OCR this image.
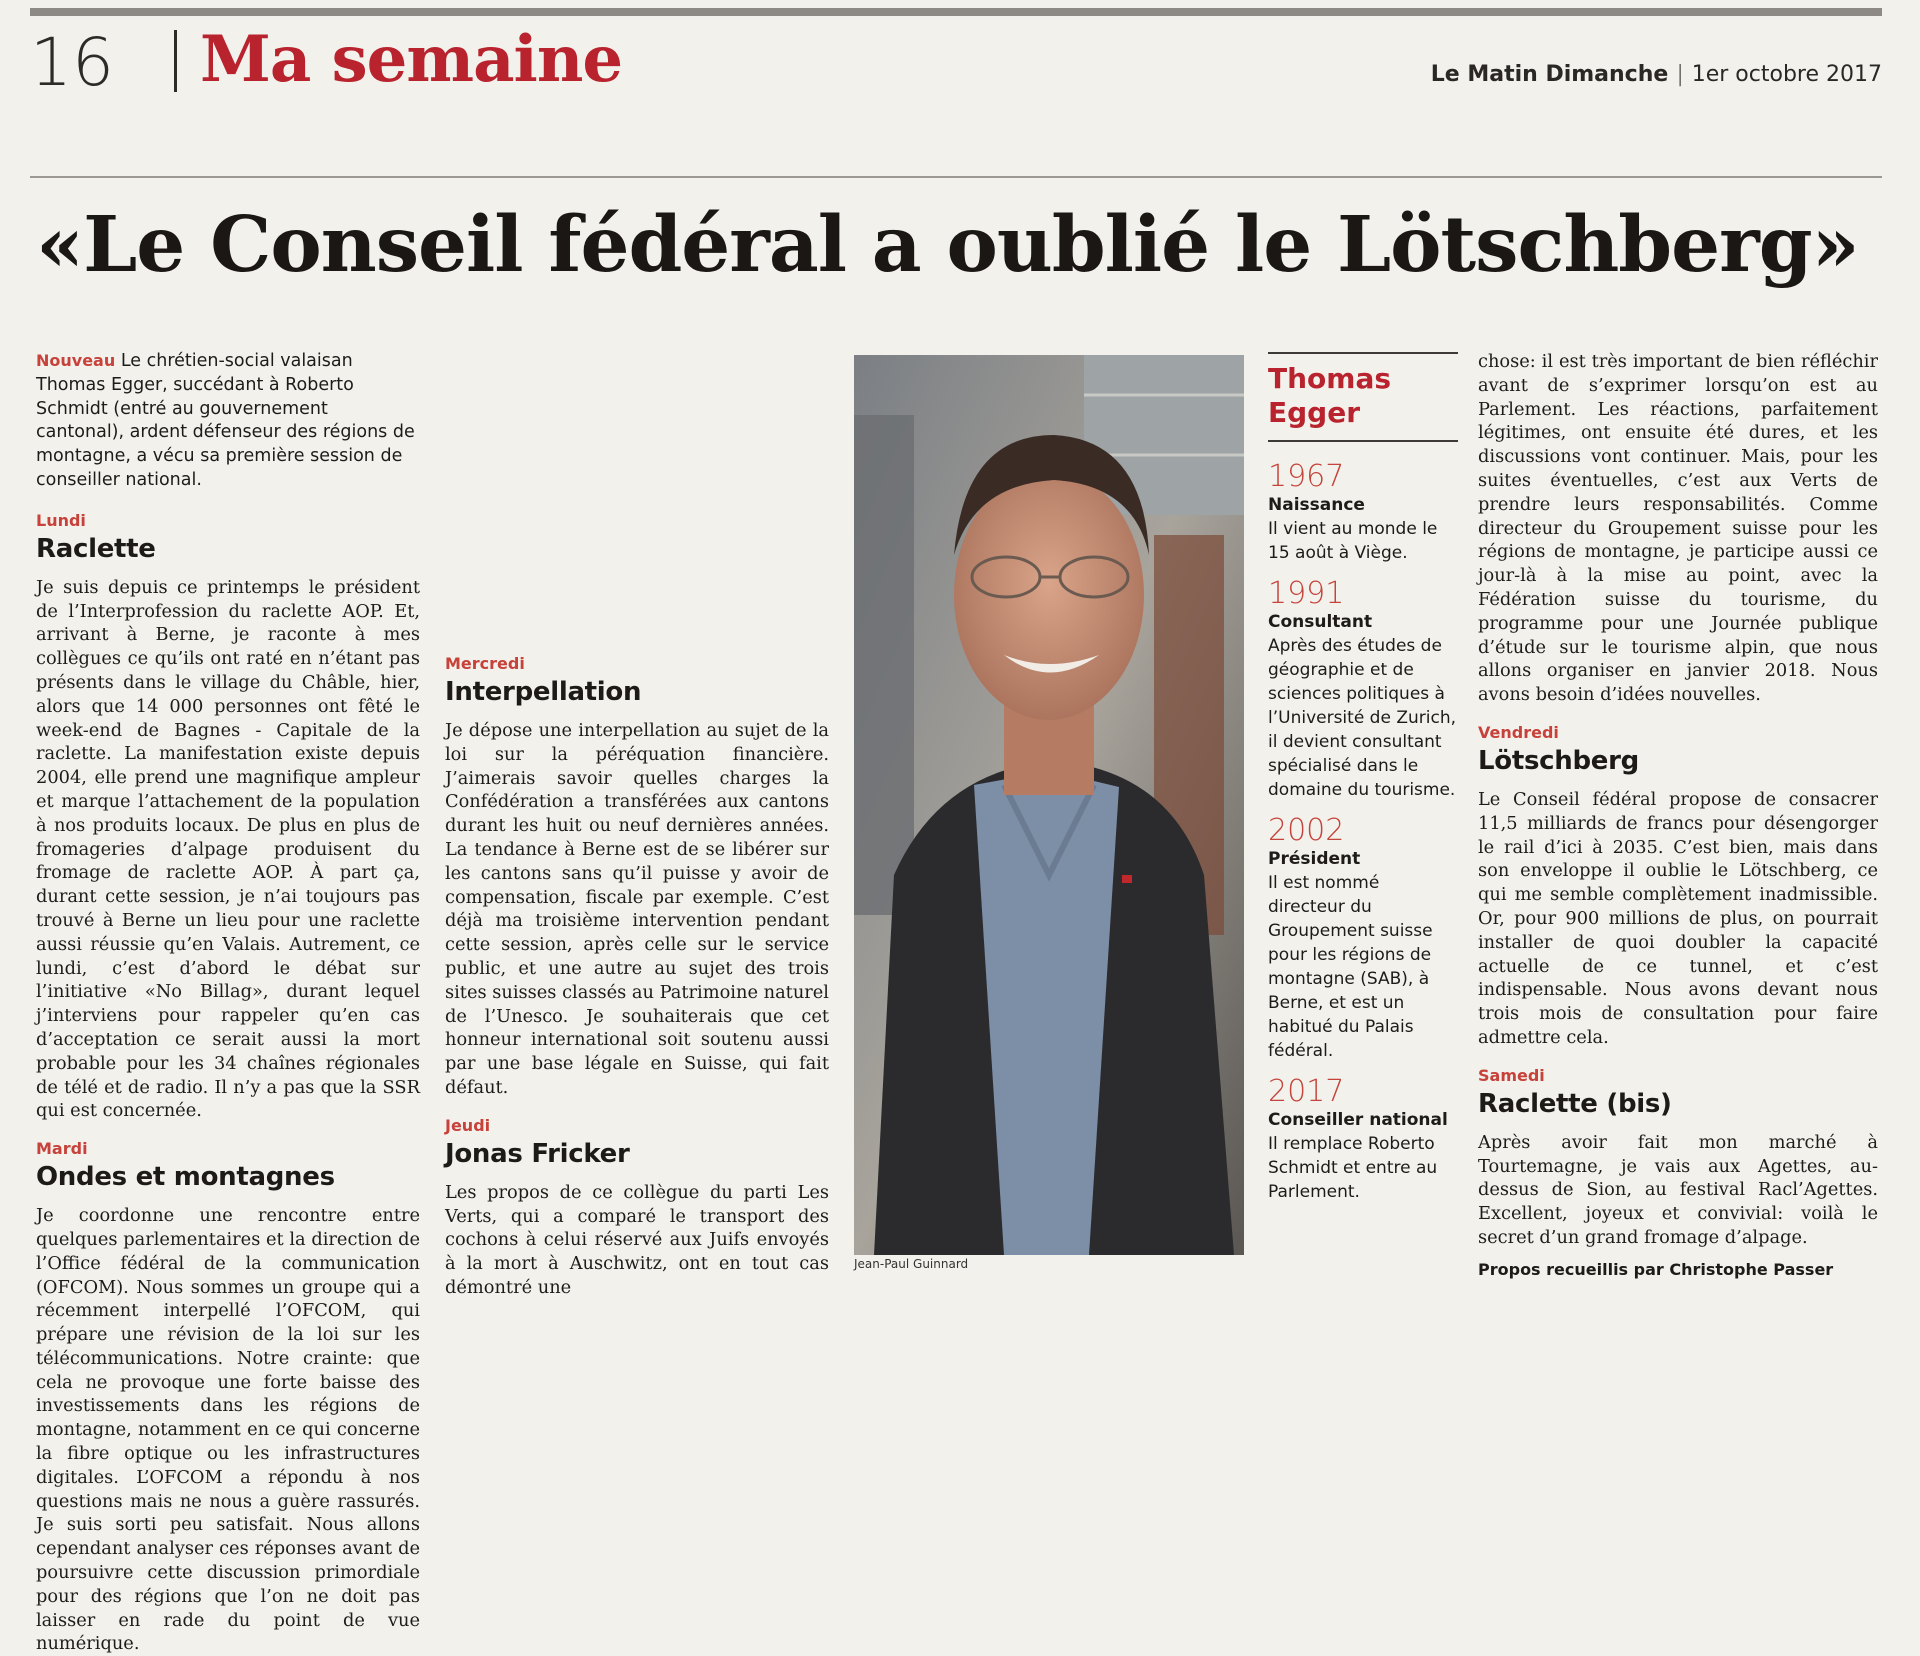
16 Ma semaine	Le Matin Dimanche | 1er octobre 2017
«Le Conseil fédéral a oublié le Lötschberg»

Nouveau Le chrétien-social valaisan Thomas Egger, succédant à Roberto Schmidt (entré au gouvernement cantonal), ardent défenseur des régions de montagne, a vécu sa première session de conseiller national.

Lundi
Raclette

Je suis depuis ce printemps le président de l’Interprofession du raclette AOP. Et, arrivant à Berne, je raconte à mes collègues ce qu’ils ont raté en n’étant pas présents dans le village du Châble, hier, alors que 14 000 personnes ont fêté le week-end de Bagnes - Capitale de la raclette. La manifestation existe depuis 2004, elle prend une magnifique ampleur et marque l’attachement de la population à nos produits locaux. De plus en plus de fromageries d’alpage produisent du fromage de raclette AOP. À part ça, durant cette session, je n’ai toujours pas trouvé à Berne un lieu pour une raclette aussi réussie qu’en Valais. Autrement, ce lundi, c’est d’abord le débat sur l’initiative «No Billag», durant lequel j’interviens pour rappeler qu’en cas d’acceptation ce serait aussi la mort probable pour les 34 chaînes régionales de télé et de radio. Il n’y a pas que la SSR qui est concernée.

Mardi
Ondes et montagnes

Je coordonne une rencontre entre quelques parlementaires et la direction de l’Office fédéral de la communication (OFCOM). Nous sommes un groupe qui a récemment interpellé l’OFCOM, qui prépare une révision de la loi sur les télécommunications. Notre crainte: que cela ne provoque une forte baisse des investissements dans les régions de montagne, notamment en ce qui concerne la fibre optique ou les infrastructures digitales. L’OFCOM a répondu à nos questions mais ne nous a guère rassurés. Je suis sorti peu satisfait. Nous allons cependant analyser ces réponses avant de poursuivre cette discussion primordiale pour des régions que l’on ne doit pas laisser en rade du point de vue numérique.

Mercredi
Interpellation

Je dépose une interpellation au sujet de la loi sur la péréquation financière. J’aimerais savoir quelles charges la Confédération a transférées aux cantons durant les huit ou neuf dernières années. La tendance à Berne est de se libérer sur les cantons sans qu’il puisse y avoir de compensation, fiscale par exemple. C’est déjà ma troisième intervention pendant cette session, après celle sur le service public, et une autre au sujet des trois sites suisses classés au Patrimoine naturel de l’Unesco. Je souhaiterais que cet honneur international soit soutenu aussi par une base légale en Suisse, qui fait défaut.

Jeudi
Jonas Fricker

Les propos de ce collègue du parti Les Verts, qui a comparé le transport des cochons à celui réservé aux Juifs envoyés à la mort à Auschwitz, ont en tout cas démontré une

Jean-Paul Guinnard
Thomas Egger
1967
Naissance
Il vient au monde le 15 août à Viège.
1991
Consultant
Après des études de géographie et de sciences politiques à l’Université de Zurich, il devient consultant spécialisé dans le domaine du tourisme.
2002
Président
Il est nommé directeur du Groupement suisse pour les régions de montagne (SAB), à Berne, et est un habitué du Palais fédéral.
2017
Conseiller national
Il remplace Roberto Schmidt et entre au Parlement.

chose: il est très important de bien réfléchir avant de s’exprimer lorsqu’on est au Parlement. Les réactions, parfaitement légitimes, ont ensuite été dures, et les discussions vont continuer. Mais, pour les suites éventuelles, c’est aux Verts de prendre leurs responsabilités. Comme directeur du Groupement suisse pour les régions de montagne, je participe aussi ce jour-là à la mise au point, avec la Fédération suisse du tourisme, du programme pour une Journée publique d’étude sur le tourisme alpin, que nous allons organiser en janvier 2018. Nous avons besoin d’idées nouvelles.

Vendredi
Lötschberg

Le Conseil fédéral propose de consacrer 11,5 milliards de francs pour désengorger le rail d’ici à 2035. C’est bien, mais dans son enveloppe il oublie le Lötschberg, ce qui me semble complètement inadmissible. Or, pour 900 millions de plus, on pourrait installer de quoi doubler la capacité actuelle de ce tunnel, et c’est indispensable. Nous avons devant nous trois mois de consultation pour faire admettre cela.

Samedi
Raclette (bis)

Après avoir fait mon marché à Tourtemagne, je vais aux Agettes, au-dessus de Sion, au festival Racl’Agettes. Excellent, joyeux et convivial: voilà le secret d’un grand fromage d’alpage.

Propos recueillis par Christophe Passer
